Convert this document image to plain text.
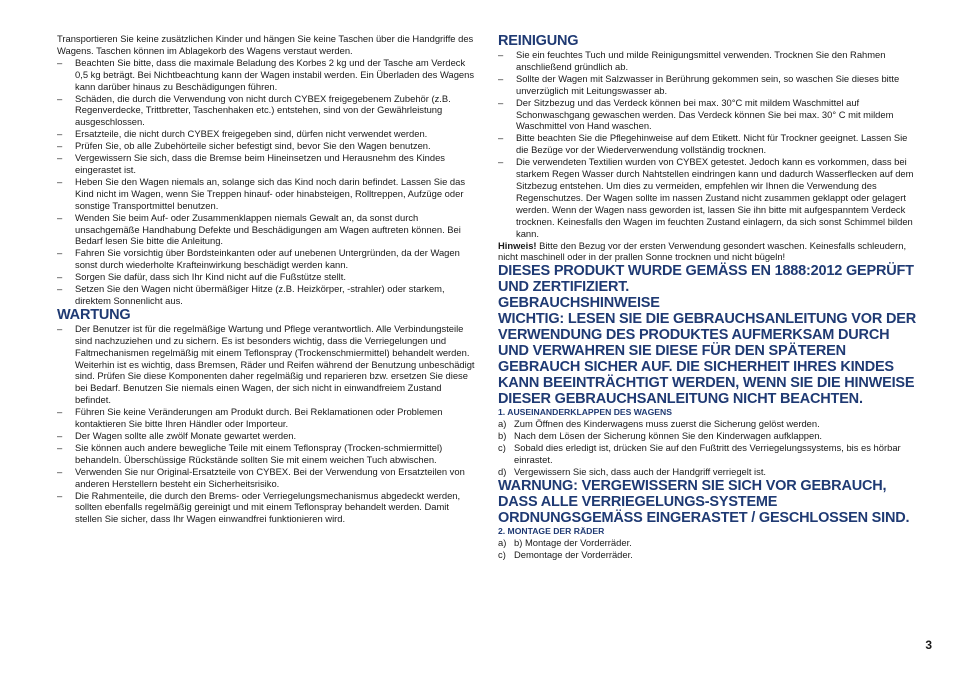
Transportieren Sie keine zusätzlichen Kinder und hängen Sie keine Taschen über die Handgriffe des Wagens. Taschen können im Ablagekorb des Wagens verstaut werden.

– Beachten Sie bitte, dass die maximale Beladung des Korbes 2 kg und der Tasche am Verdeck 0,5 kg beträgt. Bei Nichtbeachtung kann der Wagen instabil werden. Ein Überladen des Wagens kann darüber hinaus zu Beschädigungen führen.
– Schäden, die durch die Verwendung von nicht durch CYBEX freigegebenem Zubehör (z.B. Regenverdecke, Trittbretter, Taschenhaken etc.) entstehen, sind von der Gewährleistung ausgeschlossen.
– Ersatzteile, die nicht durch CYBEX freigegeben sind, dürfen nicht verwendet werden.
– Prüfen Sie, ob alle Zubehörteile sicher befestigt sind, bevor Sie den Wagen benutzen.
– Vergewissern Sie sich, dass die Bremse beim Hineinsetzen und Herausnehm des Kindes eingerastet ist.
– Heben Sie den Wagen niemals an, solange sich das Kind noch darin befindet. Lassen Sie das Kind nicht im Wagen, wenn Sie Treppen hinauf- oder hinabsteigen, Rolltreppen, Aufzüge oder sonstige Transportmittel benutzen.
– Wenden Sie beim Auf- oder Zusammenklappen niemals Gewalt an, da sonst durch unsachgemäße Handhabung Defekte und Beschädigungen am Wagen auftreten können. Bei Bedarf lesen Sie bitte die Anleitung.
– Fahren Sie vorsichtig über Bordsteinkanten oder auf unebenen Untergründen, da der Wagen sonst durch wiederholte Krafteinwirkung beschädigt werden kann.
– Sorgen Sie dafür, dass sich Ihr Kind nicht auf die Fußstütze stellt.
– Setzen Sie den Wagen nicht übermäßiger Hitze (z.B. Heizkörper, -strahler) oder starkem, direktem Sonnenlicht aus.
WARTUNG
– Der Benutzer ist für die regelmäßige Wartung und Pflege verantwortlich. Alle Verbindungsteile sind nachzuziehen und zu sichern. Es ist besonders wichtig, dass die Verriegelungen und Faltmechanismen regelmäßig mit einem Teflonspray (Trockenschmiermittel) behandelt werden. Weiterhin ist es wichtig, dass Bremsen, Räder und Reifen während der Benutzung unbeschädigt sind. Prüfen Sie diese Komponenten daher regelmäßig und reparieren bzw. ersetzen Sie diese bei Bedarf. Benutzen Sie niemals einen Wagen, der sich nicht in einwandfreiem Zustand befindet.
– Führen Sie keine Veränderungen am Produkt durch. Bei Reklamationen oder Problemen kontaktieren Sie bitte Ihren Händler oder Importeur.
– Der Wagen sollte alle zwölf Monate gewartet werden.
– Sie können auch andere bewegliche Teile mit einem Teflonspray (Trocken-schmiermittel) behandeln. Überschüssige Rückstände sollten Sie mit einem weichen Tuch abwischen.
– Verwenden Sie nur Original-Ersatzteile von CYBEX. Bei der Verwendung von Ersatzteilen von anderen Herstellern besteht ein Sicherheitsrisiko.
– Die Rahmenteile, die durch den Brems- oder Verriegelungsmechanismus abgedeckt werden, sollten ebenfalls regelmäßig gereinigt und mit einem Teflonspray behandelt werden. Damit stellen Sie sicher, dass Ihr Wagen einwandfrei funktionieren wird.
REINIGUNG
– Sie ein feuchtes Tuch und milde Reinigungsmittel verwenden. Trocknen Sie den Rahmen anschließend gründlich ab.
– Sollte der Wagen mit Salzwasser in Berührung gekommen sein, so waschen Sie dieses bitte unverzüglich mit Leitungswasser ab.
– Der Sitzbezug und das Verdeck können bei max. 30°C mit mildem Waschmittel auf Schonwaschgang gewaschen werden. Das Verdeck können Sie bei max. 30° C mit mildem Waschmittel von Hand waschen.
– Bitte beachten Sie die Pflegehinweise auf dem Etikett. Nicht für Trockner geeignet. Lassen Sie die Bezüge vor der Wiederverwendung vollständig trocknen.
– Die verwendeten Textilien wurden von CYBEX getestet. Jedoch kann es vorkommen, dass bei starkem Regen Wasser durch Nahtstellen eindringen kann und dadurch Wasserflecken auf dem Sitzbezug entstehen. Um dies zu vermeiden, empfehlen wir Ihnen die Verwendung des Regenschutzes. Der Wagen sollte im nassen Zustand nicht zusammen geklappt oder gelagert werden. Wenn der Wagen nass geworden ist, lassen Sie ihn bitte mit aufgespanntem Verdeck trocknen. Keinesfalls den Wagen im feuchten Zustand einlagern, da sich sonst Schimmel bilden kann.

Hinweis! Bitte den Bezug vor der ersten Verwendung gesondert waschen. Keinesfalls schleudern, nicht maschinell oder in der prallen Sonne trocknen und nicht bügeln!

DIESES PRODUKT WURDE GEMÄSS EN 1888:2012 GEPRÜFT UND ZERTIFIZIERT.
GEBRAUCHSHINWEISE
WICHTIG: LESEN SIE DIE GEBRAUCHSANLEITUNG VOR DER VERWENDUNG DES PRODUKTES AUFMERKSAM DURCH UND VERWAHREN SIE DIESE FÜR DEN SPÄTEREN GEBRAUCH SICHER AUF. DIE SICHERHEIT IHRES KINDES KANN BEEINTRÄCHTIGT WERDEN, WENN SIE DIE HINWEISE DIESER GEBRAUCHSANLEITUNG NICHT BEACHTEN.
1. AUSEINANDERKLAPPEN DES WAGENS
a) Zum Öffnen des Kinderwagens muss zuerst die Sicherung gelöst werden.
b) Nach dem Lösen der Sicherung können Sie den Kinderwagen aufklappen.
c) Sobald dies erledigt ist, drücken Sie auf den Fußtritt des Verriegelungssystems, bis es hörbar einrastet.
d) Vergewissern Sie sich, dass auch der Handgriff verriegelt ist.
WARNUNG: VERGEWISSERN SIE SICH VOR GEBRAUCH, DASS ALLE VERRIEGELUNGS-SYSTEME ORDNUNGSGEMÄSS EINGERASTET / GESCHLOSSEN SIND.
2. MONTAGE DER RÄDER
a) b) Montage der Vorderräder.
c) Demontage der Vorderräder.
3
